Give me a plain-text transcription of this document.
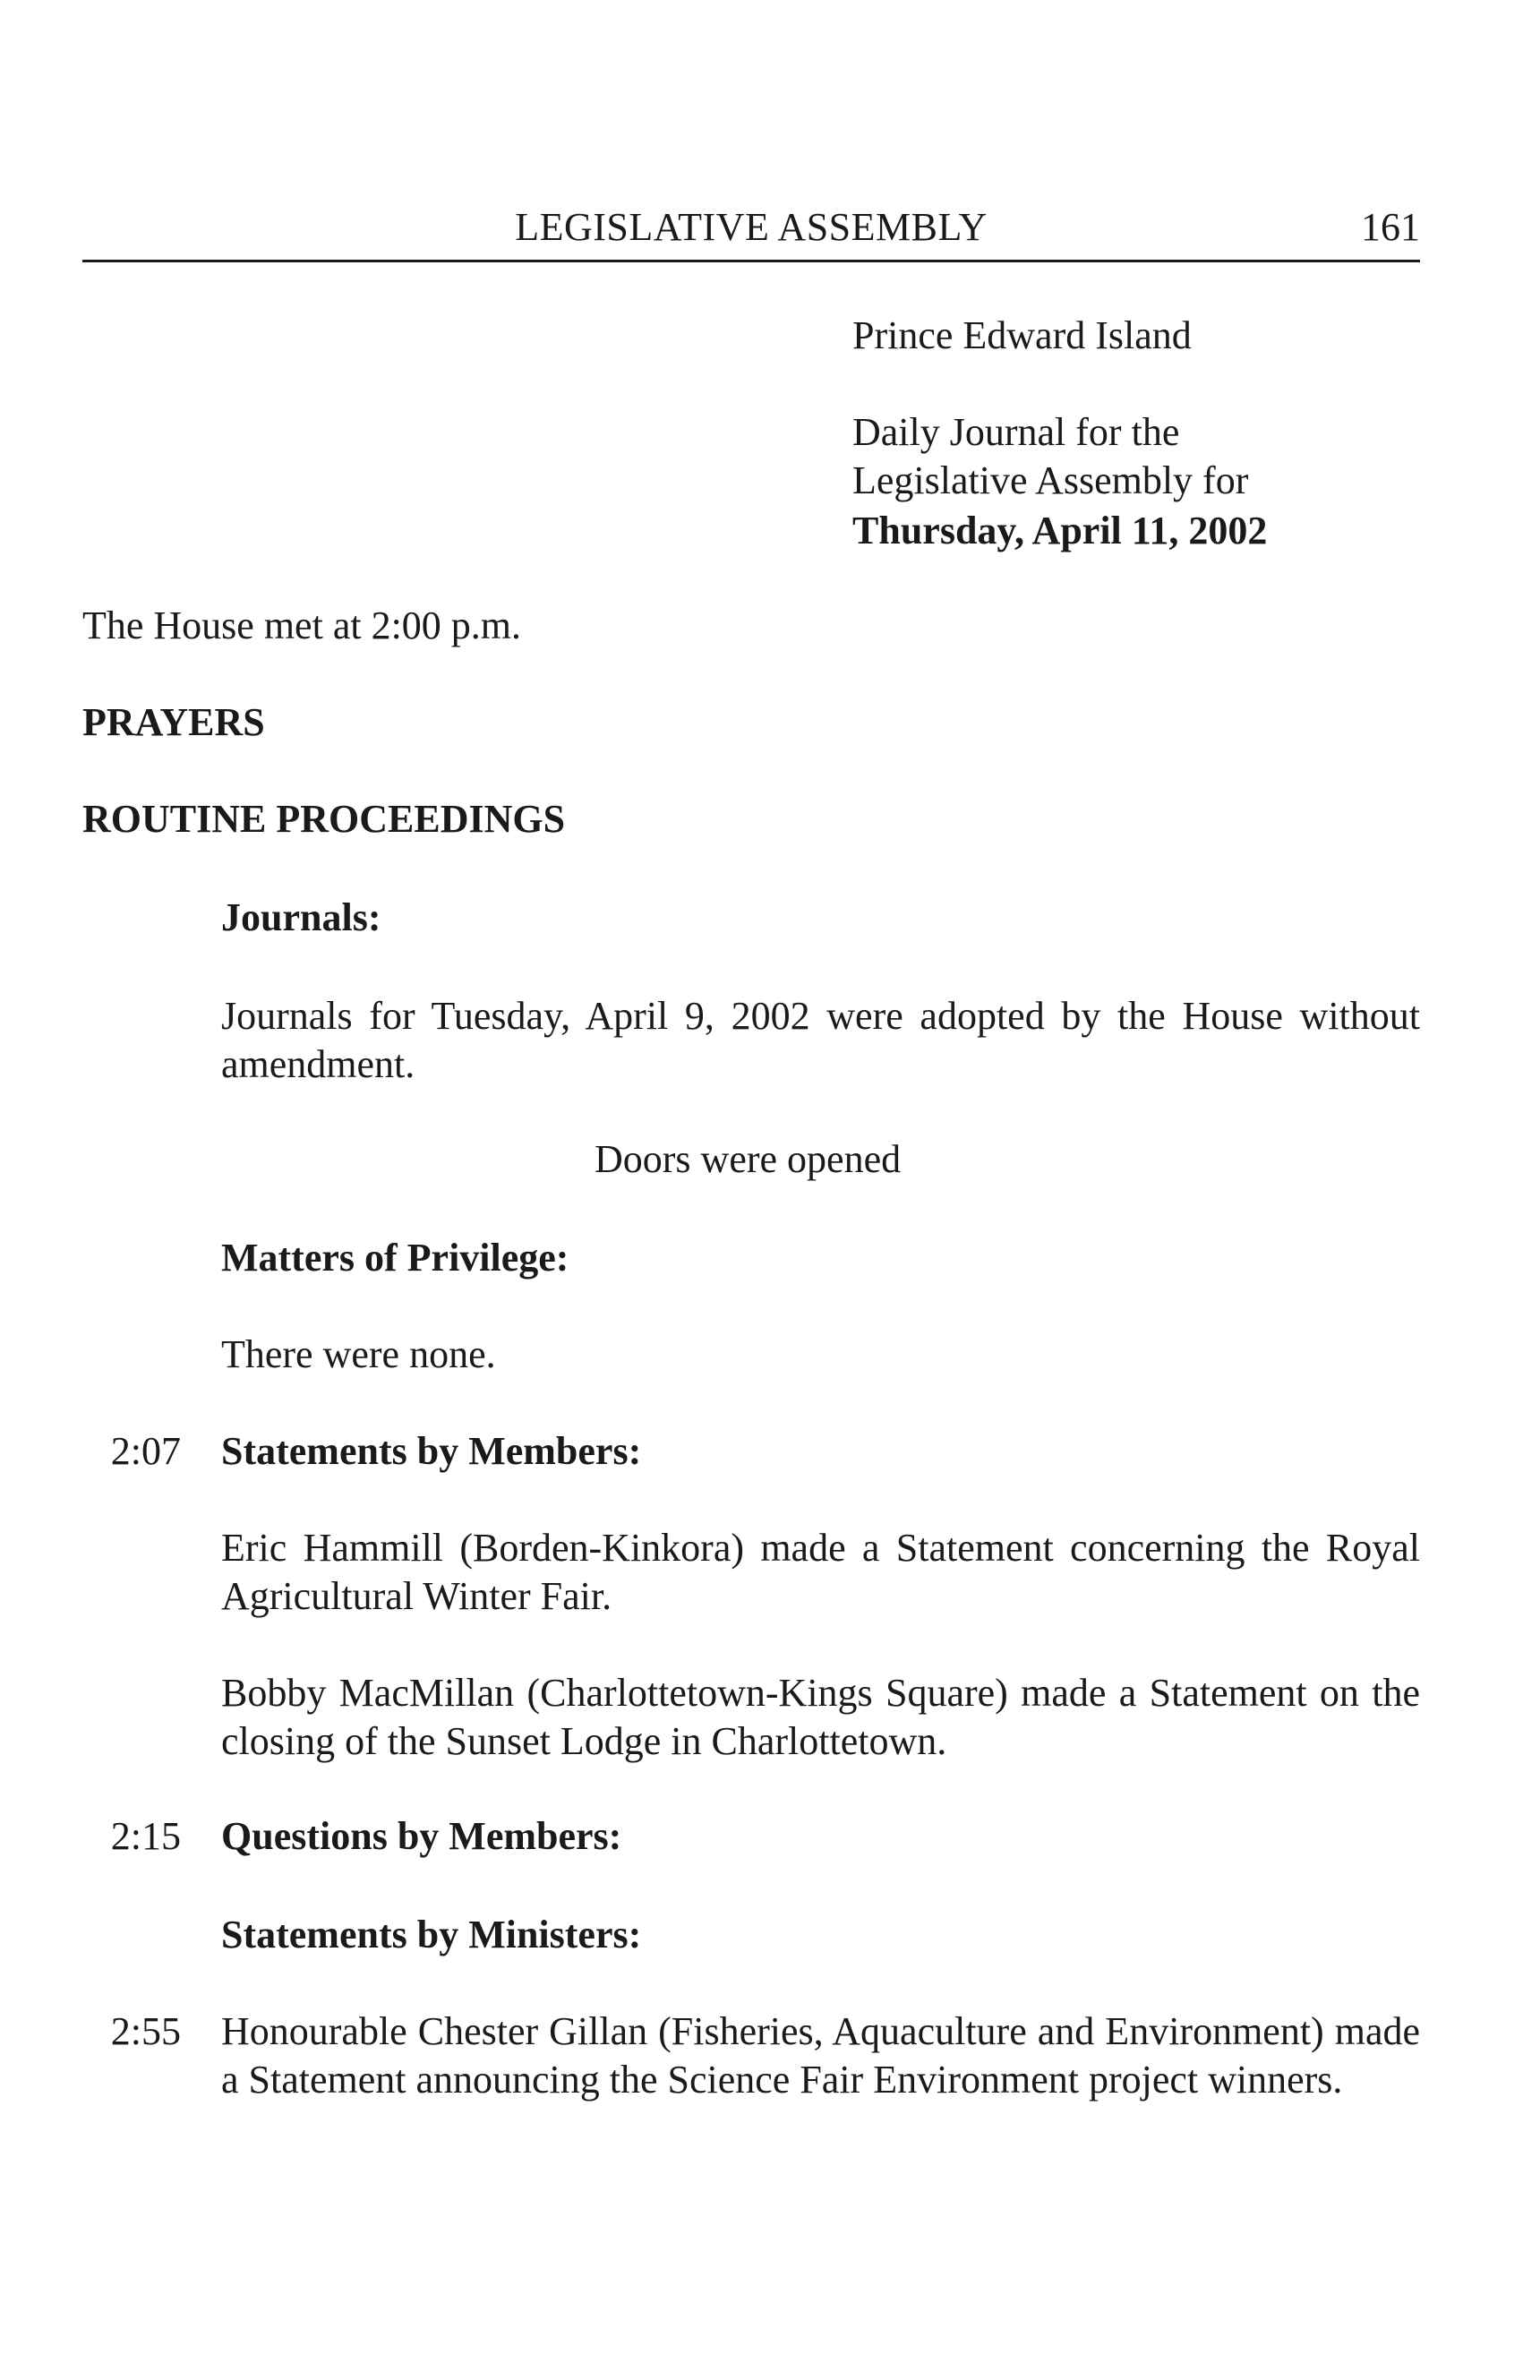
LEGISLATIVE ASSEMBLY	161
Prince Edward Island
Daily Journal for the
Legislative Assembly for
Thursday, April 11, 2002
The House met at 2:00 p.m.
PRAYERS
ROUTINE PROCEEDINGS
Journals:
Journals for Tuesday, April 9, 2002 were adopted by the House without amendment.
Doors were opened
Matters of Privilege:
There were none.
2:07 Statements by Members:
Eric Hammill (Borden-Kinkora) made a Statement concerning the Royal Agricultural Winter Fair.
Bobby MacMillan (Charlottetown-Kings Square) made a Statement on the closing of the Sunset Lodge in Charlottetown.
2:15 Questions by Members:
Statements by Ministers:
2:55 Honourable Chester Gillan (Fisheries, Aquaculture and Environment) made a Statement announcing the Science Fair Environment project winners.
